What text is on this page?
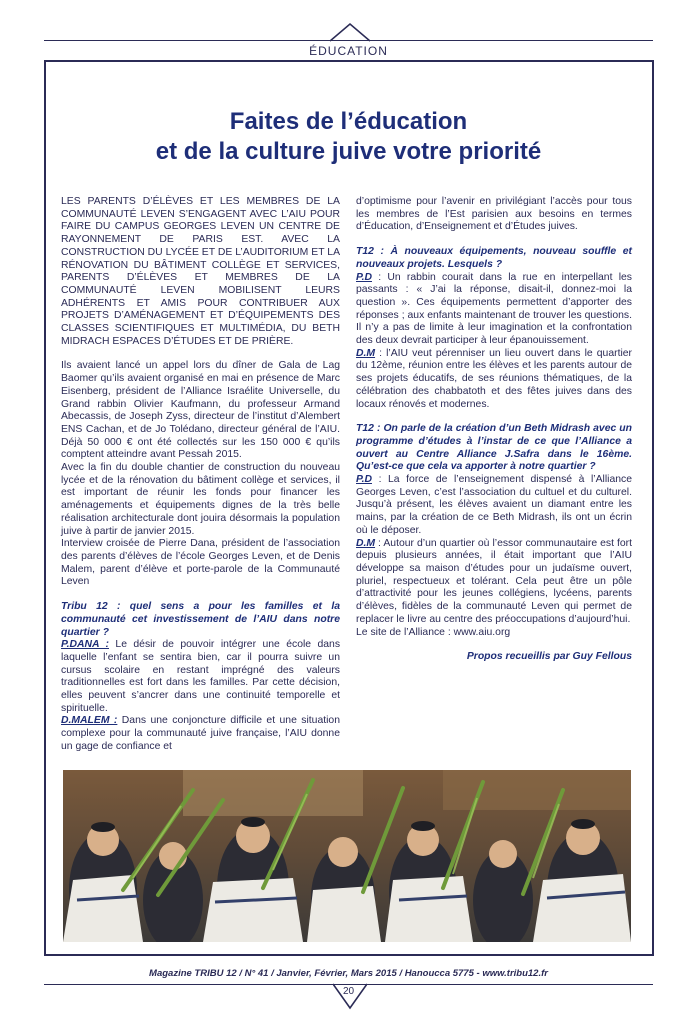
ÉDUCATION
Faites de l’éducation
et de la culture juive votre priorité

LES PARENTS D’ÉLÈVES ET LES MEMBRES DE LA COMMUNAUTÉ LEVEN S’ENGAGENT AVEC L’AIU POUR FAIRE DU CAMPUS GEORGES LEVEN UN CENTRE DE RAYONNEMENT DE PARIS EST. AVEC LA CONSTRUCTION DU LYCÉE ET DE L’AUDITORIUM ET LA RÉNOVATION DU BÂTIMENT COLLÈGE ET SERVICES, PARENTS D’ÉLÈVES ET MEMBRES DE LA COMMUNAUTÉ LEVEN MOBILISENT LEURS ADHÉRENTS ET AMIS POUR CONTRIBUER AUX PROJETS D’AMÉNAGEMENT ET D’ÉQUIPEMENTS DES CLASSES SCIENTIFIQUES ET MULTIMÉDIA, DU BETH MIDRACH ESPACES D’ÉTUDES ET DE PRIÈRE.

Ils avaient lancé un appel lors du dîner de Gala de Lag Baomer qu’ils avaient organisé en mai en présence de Marc Eisenberg, président de l’Alliance Israélite Universelle, du Grand rabbin Olivier Kaufmann, du professeur Armand Abecassis, de Joseph Zyss, directeur de l’institut d’Alembert ENS Cachan, et de Jo Tolédano, directeur général de l’AIU. Déjà 50 000 € ont été collectés sur les 150 000 € qu’ils comptent atteindre avant Pessah 2015.

Avec la fin du double chantier de construction du nouveau lycée et de la rénovation du bâtiment collège et services, il est important de réunir les fonds pour financer les aménagements et équipements dignes de la très belle réalisation architecturale dont jouira désormais la population juive à partir de janvier 2015.

Interview croisée de Pierre Dana, président de l’association des parents d’élèves de l’école Georges Leven, et de Denis Malem, parent d’élève et porte-parole de la Communauté Leven

Tribu 12 : quel sens a pour les familles et la communauté cet investissement de l’AIU dans notre quartier ?

P.DANA : Le désir de pouvoir intégrer une école dans laquelle l’enfant se sentira bien, car il pourra suivre un cursus scolaire en restant imprégné des valeurs traditionnelles est fort dans les familles. Par cette décision, elles peuvent s’ancrer dans une continuité temporelle et spirituelle.

D.MALEM : Dans une conjoncture difficile et une situation complexe pour la communauté juive française, l’AIU donne un gage de confiance et

d’optimisme pour l’avenir en privilégiant l’accès pour tous les membres de l’Est parisien aux besoins en termes d’Éducation, d’Enseignement et d’Études juives.

T12 : À nouveaux équipements, nouveau souffle et nouveaux projets. Lesquels ?

P.D : Un rabbin courait dans la rue en interpellant les passants : « J’ai la réponse, disait-il, donnez-moi la question ». Ces équipements permettent d’apporter des réponses ; aux enfants maintenant de trouver les questions. Il n’y a pas de limite à leur imagination et la confrontation des deux devrait participer à leur épanouissement.

D.M : l’AIU veut pérenniser un lieu ouvert dans le quartier du 12ème, réunion entre les élèves et les parents autour de ses projets éducatifs, de ses réunions thématiques, de la célébration des chabbatoth et des fêtes juives dans des locaux rénovés et modernes.

T12 : On parle de la création d’un Beth Midrash avec un programme d’études à l’instar de ce que l’Alliance a ouvert au Centre Alliance J.Safra dans le 16ème. Qu’est-ce que cela va apporter à notre quartier ?

P.D : La force de l’enseignement dispensé à l’Alliance Georges Leven, c’est l’association du cultuel et du culturel. Jusqu’à présent, les élèves avaient un diamant entre les mains, par la création de ce Beth Midrash, ils ont un écrin où le déposer.

D.M : Autour d’un quartier où l’essor communautaire est fort depuis plusieurs années, il était important que l’AIU développe sa maison d’études pour un judaïsme ouvert, pluriel, respectueux et tolérant. Cela peut être un pôle d’attractivité pour les jeunes collégiens, lycéens, parents d’élèves, fidèles de la communauté Leven qui permet de replacer le livre au centre des préoccupations d’aujourd’hui.

Le site de l’Alliance : www.aiu.org

Propos recueillis par Guy Fellous

Magazine TRIBU 12 / N° 41 / Janvier, Février, Mars 2015 / Hanoucca 5775 - www.tribu12.fr
20
